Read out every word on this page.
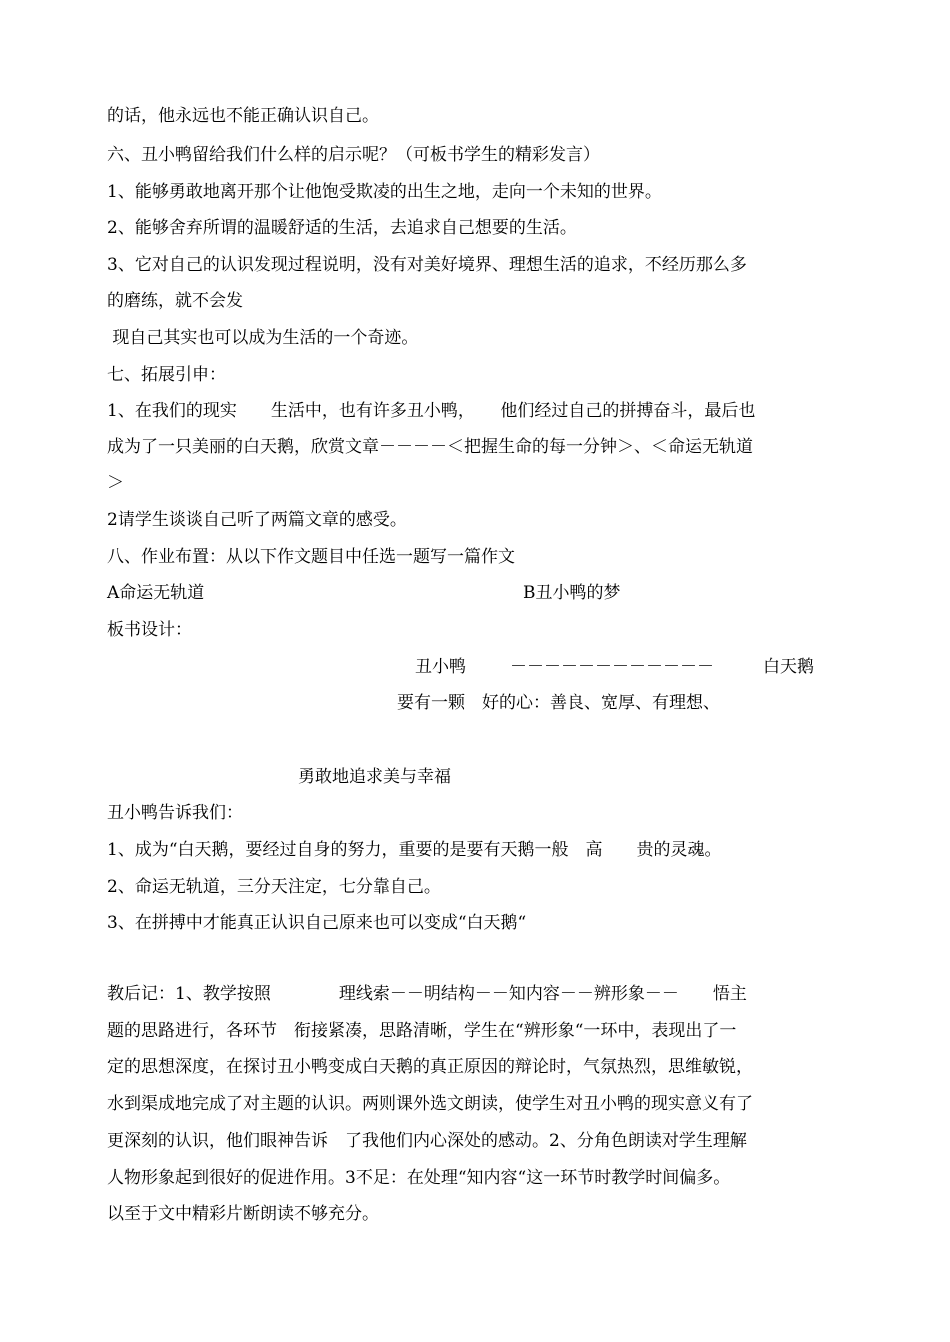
的话，他永远也不能正确认识自己。
六、丑小鸭留给我们什么样的启示呢？（可板书学生的精彩发言）
1、能够勇敢地离开那个让他饱受欺凌的出生之地，走向一个未知的世界。
2、能够舍弃所谓的温暖舒适的生活，去追求自己想要的生活。
3、它对自己的认识发现过程说明，没有对美好境界、理想生活的追求，不经历那么多
的磨练，就不会发
现自己其实也可以成为生活的一个奇迹。
七、拓展引申：
1、在我们的现实　　生活中，也有许多丑小鸭，　　他们经过自己的拼搏奋斗，最后也
成为了一只美丽的白天鹅，欣赏文章－－－－＜把握生命的每一分钟＞、＜命运无轨道
＞
2请学生谈谈自己听了两篇文章的感受。
八、作业布置：从以下作文题目中任选一题写一篇作文
A命运无轨道	B丑小鸭的梦
板书设计：
丑小鸭	－－－－－－－－－－－－	白天鹅
要有一颗　好的心：善良、宽厚、有理想、
勇敢地追求美与幸福
丑小鸭告诉我们：
1、成为“白天鹅，要经过自身的努力，重要的是要有天鹅一般　高　　贵的灵魂。
2、命运无轨道，三分天注定，七分靠自己。
3、在拼搏中才能真正认识自己原来也可以变成“白天鹅“
教后记：1、教学按照　　　　理线索－－明结构－－知内容－－辨形象－－　　悟主
题的思路进行，各环节　衔接紧凑，思路清晰，学生在“辨形象“一环中，表现出了一
定的思想深度，在探讨丑小鸭变成白天鹅的真正原因的辩论时，气氛热烈，思维敏锐，
水到渠成地完成了对主题的认识。两则课外选文朗读，使学生对丑小鸭的现实意义有了
更深刻的认识，他们眼神告诉　了我他们内心深处的感动。2、分角色朗读对学生理解
人物形象起到很好的促进作用。3不足：在处理“知内容“这一环节时教学时间偏多。
以至于文中精彩片断朗读不够充分。
